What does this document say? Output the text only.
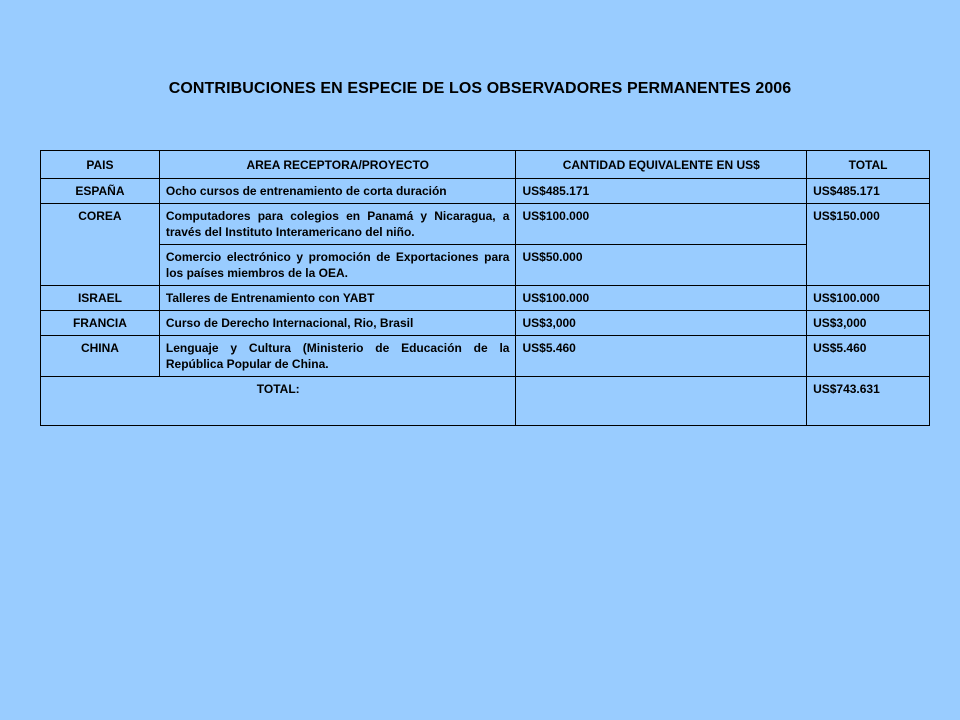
CONTRIBUCIONES EN ESPECIE DE LOS OBSERVADORES PERMANENTES 2006
PAIS	AREA RECEPTORA/PROYECTO	CANTIDAD EQUIVALENTE EN US$	TOTAL
ESPAÑA	Ocho cursos de entrenamiento de corta duración	US$485.171	US$485.171
COREA	Computadores para colegios en Panamá y Nicaragua, a través del Instituto Interamericano del niño.	US$100.000	US$150.000
	Comercio electrónico y promoción de Exportaciones para los países miembros de la OEA.	US$50.000	
ISRAEL	Talleres de Entrenamiento con YABT	US$100.000	US$100.000
FRANCIA	Curso de Derecho Internacional, Rio, Brasil	US$3,000	US$3,000
CHINA	Lenguaje y Cultura (Ministerio de Educación de la República Popular de China.	US$5.460	US$5.460
TOTAL:			US$743.631
